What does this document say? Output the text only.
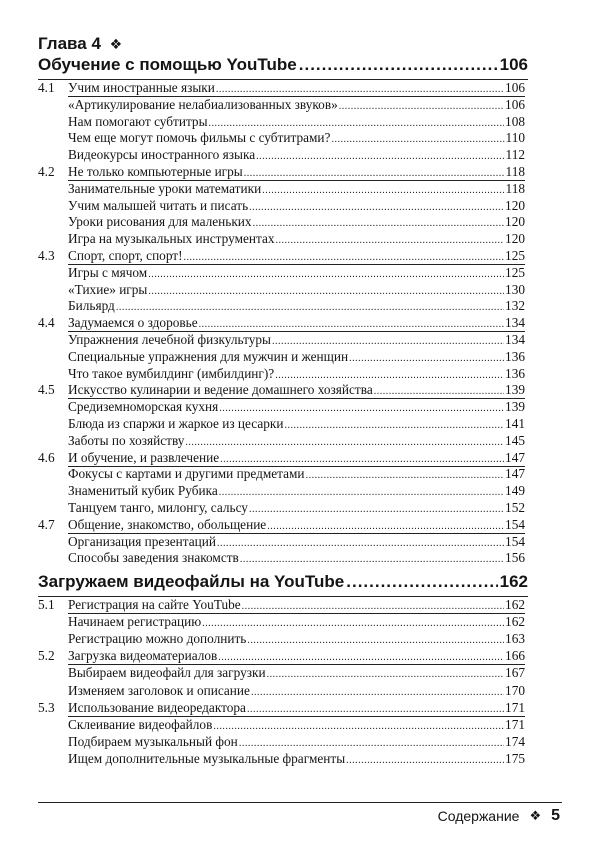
Глава 4 ❖
Обучение с помощью YouTube .....	106
4.1	Учим иностранные языки .....	106
«Артикулирование нелабиализованных звуков» .....	106
Нам помогают субтитры .....	108
Чем еще могут помочь фильмы с субтитрами? .....	110
Видеокурсы иностранного языка .....	112
4.2	Не только компьютерные игры .....	118
Занимательные уроки математики .....	118
Учим малышей читать и писать .....	120
Уроки рисования для маленьких .....	120
Игра на музыкальных инструментах .....	120
4.3	Спорт, спорт, спорт! .....	125
Игры с мячом .....	125
«Тихие» игры .....	130
Бильярд .....	132
4.4	Задумаемся о здоровье .....	134
Упражнения лечебной физкультуры .....	134
Специальные упражнения для мужчин и женщин .....	136
Что такое вумбилдинг (имбилдинг)? .....	136
4.5	Искусство кулинарии и ведение домашнего хозяйства .....	139
Средиземноморская кухня .....	139
Блюда из спаржи и жаркое из цесарки .....	141
Заботы по хозяйству .....	145
4.6	И обучение, и развлечение .....	147
Фокусы с картами и другими предметами .....	147
Знаменитый кубик Рубика .....	149
Танцуем танго, милонгу, сальсу .....	152
4.7	Общение, знакомство, обольщение .....	154
Организация презентаций .....	154
Способы заведения знакомств .....	156
Загружаем видеофайлы на YouTube .....	162
5.1	Регистрация на сайте YouTube .....	162
Начинаем регистрацию .....	162
Регистрацию можно дополнить .....	163
5.2	Загрузка видеоматериалов .....	166
Выбираем видеофайл для загрузки .....	167
Изменяем заголовок и описание .....	170
5.3	Использование видеоредактора .....	171
Склеивание видеофайлов .....	171
Подбираем музыкальный фон .....	174
Ищем дополнительные музыкальные фрагменты .....	175
Содержание ❖ 5
